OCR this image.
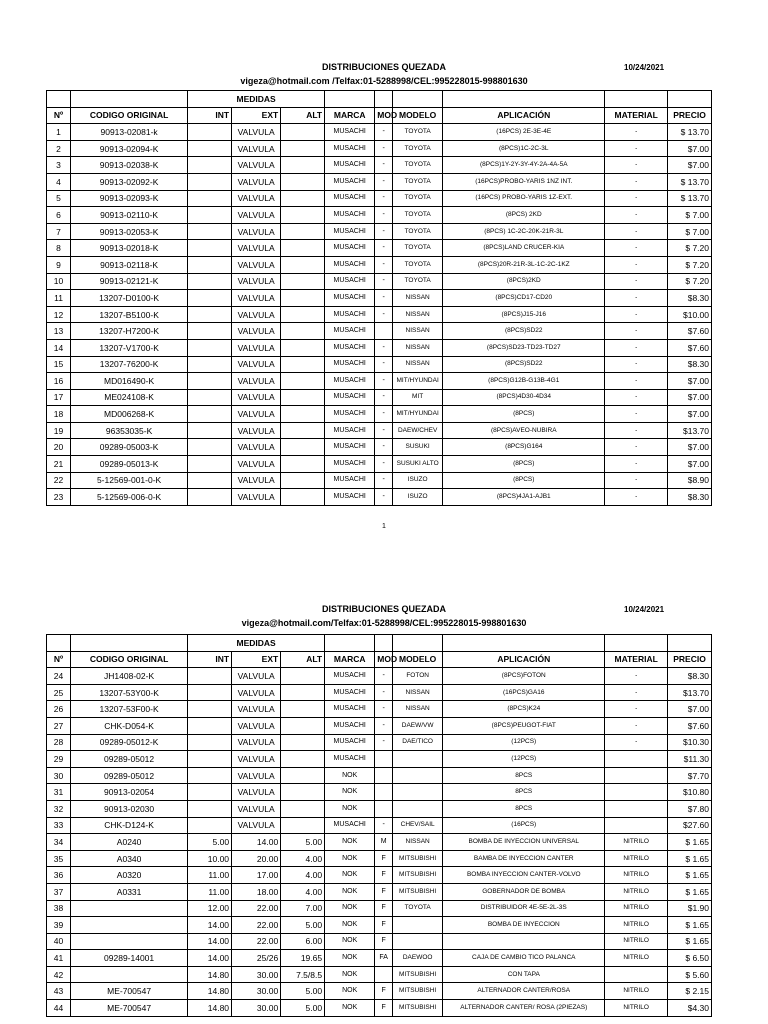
DISTRIBUCIONES QUEZADA	10/24/2021
vigeza@hotmail.com /Telfax:01-5288998/CEL:995228015-998801630
		MEDIDAS								
Nº	CODIGO ORIGINAL	INT	EXT	ALT	MARCA	MOD	MODELO	APLICACIÓN	MATERIAL	PRECIO
1	90913-02081-k		VALVULA		MUSACHI	-	TOYOTA	(16PCS) 2E-3E-4E	-	$ 13.70
2	90913-02094-K		VALVULA		MUSACHI	-	TOYOTA	(8PCS)1C-2C-3L	-	$7.00
3	90913-02038-K		VALVULA		MUSACHI	-	TOYOTA	(8PCS)1Y-2Y-3Y-4Y-2A-4A-5A	-	$7.00
4	90913-02092-K		VALVULA		MUSACHI	-	TOYOTA	(16PCS)PROBO-YARIS 1NZ INT.	-	$ 13.70
5	90913-02093-K		VALVULA		MUSACHI	-	TOYOTA	(16PCS) PROBO-YARIS 1Z-EXT.	-	$ 13.70
6	90913-02110-K		VALVULA		MUSACHI	-	TOYOTA	(8PCS) 2KD	-	$ 7.00
7	90913-02053-K		VALVULA		MUSACHI	-	TOYOTA	(8PCS) 1C-2C-20K-21R-3L	-	$ 7.00
8	90913-02018-K		VALVULA		MUSACHI	-	TOYOTA	(8PCS)LAND CRUCER-KIA	-	$ 7.20
9	90913-02118-K		VALVULA		MUSACHI	-	TOYOTA	(8PCS)20R-21R-3L-1C-2C-1KZ	-	$ 7.20
10	90913-02121-K		VALVULA		MUSACHI	-	TOYOTA	(8PCS)2KD	-	$ 7.20
11	13207-D0100-K		VALVULA		MUSACHI	-	NISSAN	(8PCS)CD17-CD20	-	$8.30
12	13207-B5100-K		VALVULA		MUSACHI	-	NISSAN	(8PCS)J15-J16	-	$10.00
13	13207-H7200-K		VALVULA		MUSACHI		NISSAN	(8PCS)SD22	-	$7.60
14	13207-V1700-K		VALVULA		MUSACHI	-	NISSAN	(8PCS)SD23-TD23-TD27	-	$7.60
15	13207-76200-K		VALVULA		MUSACHI	-	NISSAN	(8PCS)SD22	-	$8.30
16	MD016490-K		VALVULA		MUSACHI	-	MIT/HYUNDAI	(8PCS)G12B-G13B-4G1	-	$7.00
17	ME024108-K		VALVULA		MUSACHI	-	MIT	(8PCS)4D30-4D34	-	$7.00
18	MD006268-K		VALVULA		MUSACHI	-	MIT/HYUNDAI	(8PCS)	-	$7.00
19	96353035-K		VALVULA		MUSACHI	-	DAEW/CHEV	(8PCS)AVEO-NUBIRA	-	$13.70
20	09289-05003-K		VALVULA		MUSACHI	-	SUSUKI	(8PCS)G164	-	$7.00
21	09289-05013-K		VALVULA		MUSACHI	-	SUSUKI ALTO	(8PCS)	-	$7.00
22	5-12569-001-0-K		VALVULA		MUSACHI	-	ISUZO	(8PCS)	-	$8.90
23	5-12569-006-0-K		VALVULA		MUSACHI	-	ISUZO	(8PCS)4JA1-AJB1	-	$8.30
1
DISTRIBUCIONES QUEZADA	10/24/2021
vigeza@hotmail.com/Telfax:01-5288998/CEL:995228015-998801630
		MEDIDAS								
Nº	CODIGO ORIGINAL	INT	EXT	ALT	MARCA	MOD	MODELO	APLICACIÓN	MATERIAL	PRECIO
24	JH1408-02-K		VALVULA		MUSACHI	-	FOTON	(8PCS)FOTON	-	$8.30
25	13207-53Y00-K		VALVULA		MUSACHI	-	NISSAN	(16PCS)GA16	-	$13.70
26	13207-53F00-K		VALVULA		MUSACHI	-	NISSAN	(8PCS)K24	-	$7.00
27	CHK-D054-K		VALVULA		MUSACHI	-	DAEW/VW	(8PCS)PEUGOT-FIAT	-	$7.60
28	09289-05012-K		VALVULA		MUSACHI	-	DAE/TICO	(12PCS)	-	$10.30
29	09289-05012		VALVULA		MUSACHI			(12PCS)		$11.30
30	09289-05012		VALVULA		NOK			8PCS		$7.70
31	90913-02054		VALVULA		NOK			8PCS		$10.80
32	90913-02030		VALVULA		NOK			8PCS		$7.80
33	CHK-D124-K		VALVULA		MUSACHI	-	CHEV/SAIL	(16PCS)		$27.60
34	A0240	5.00	14.00	5.00	NOK	M	NISSAN	BOMBA DE INYECCION UNIVERSAL	NITRILO	$ 1.65
35	A0340	10.00	20.00	4.00	NOK	F	MITSUBISHI	BAMBA DE INYECCION CANTER	NITRILO	$ 1.65
36	A0320	11.00	17.00	4.00	NOK	F	MITSUBISHI	BOMBA INYECCION CANTER-VOLVO	NITRILO	$ 1.65
37	A0331	11.00	18.00	4.00	NOK	F	MITSUBISHI	GOBERNADOR DE BOMBA	NITRILO	$ 1.65
38		12.00	22.00	7.00	NOK	F	TOYOTA	DISTRIBUIDOR 4E-5E-2L-3S	NITRILO	$1.90
39		14.00	22.00	5.00	NOK	F		BOMBA DE INYECCION	NITRILO	$ 1.65
40		14.00	22.00	6.00	NOK	F			NITRILO	$ 1.65
41	09289-14001	14.00	25/26	19.65	NOK	FA	DAEWOO	CAJA DE CAMBIO TICO PALANCA	NITRILO	$ 6.50
42		14.80	30.00	7.5/8.5	NOK		MITSUBISHI	CON TAPA		$ 5.60
43	ME-700547	14.80	30.00	5.00	NOK	F	MITSUBISHI	ALTERNADOR CANTER/ROSA	NITRILO	$ 2.15
44	ME-700547	14.80	30.00	5.00	NOK	F	MITSUBISHI	ALTERNADOR CANTER/ ROSA (2PIEZAS)	NITRILO	$4.30
